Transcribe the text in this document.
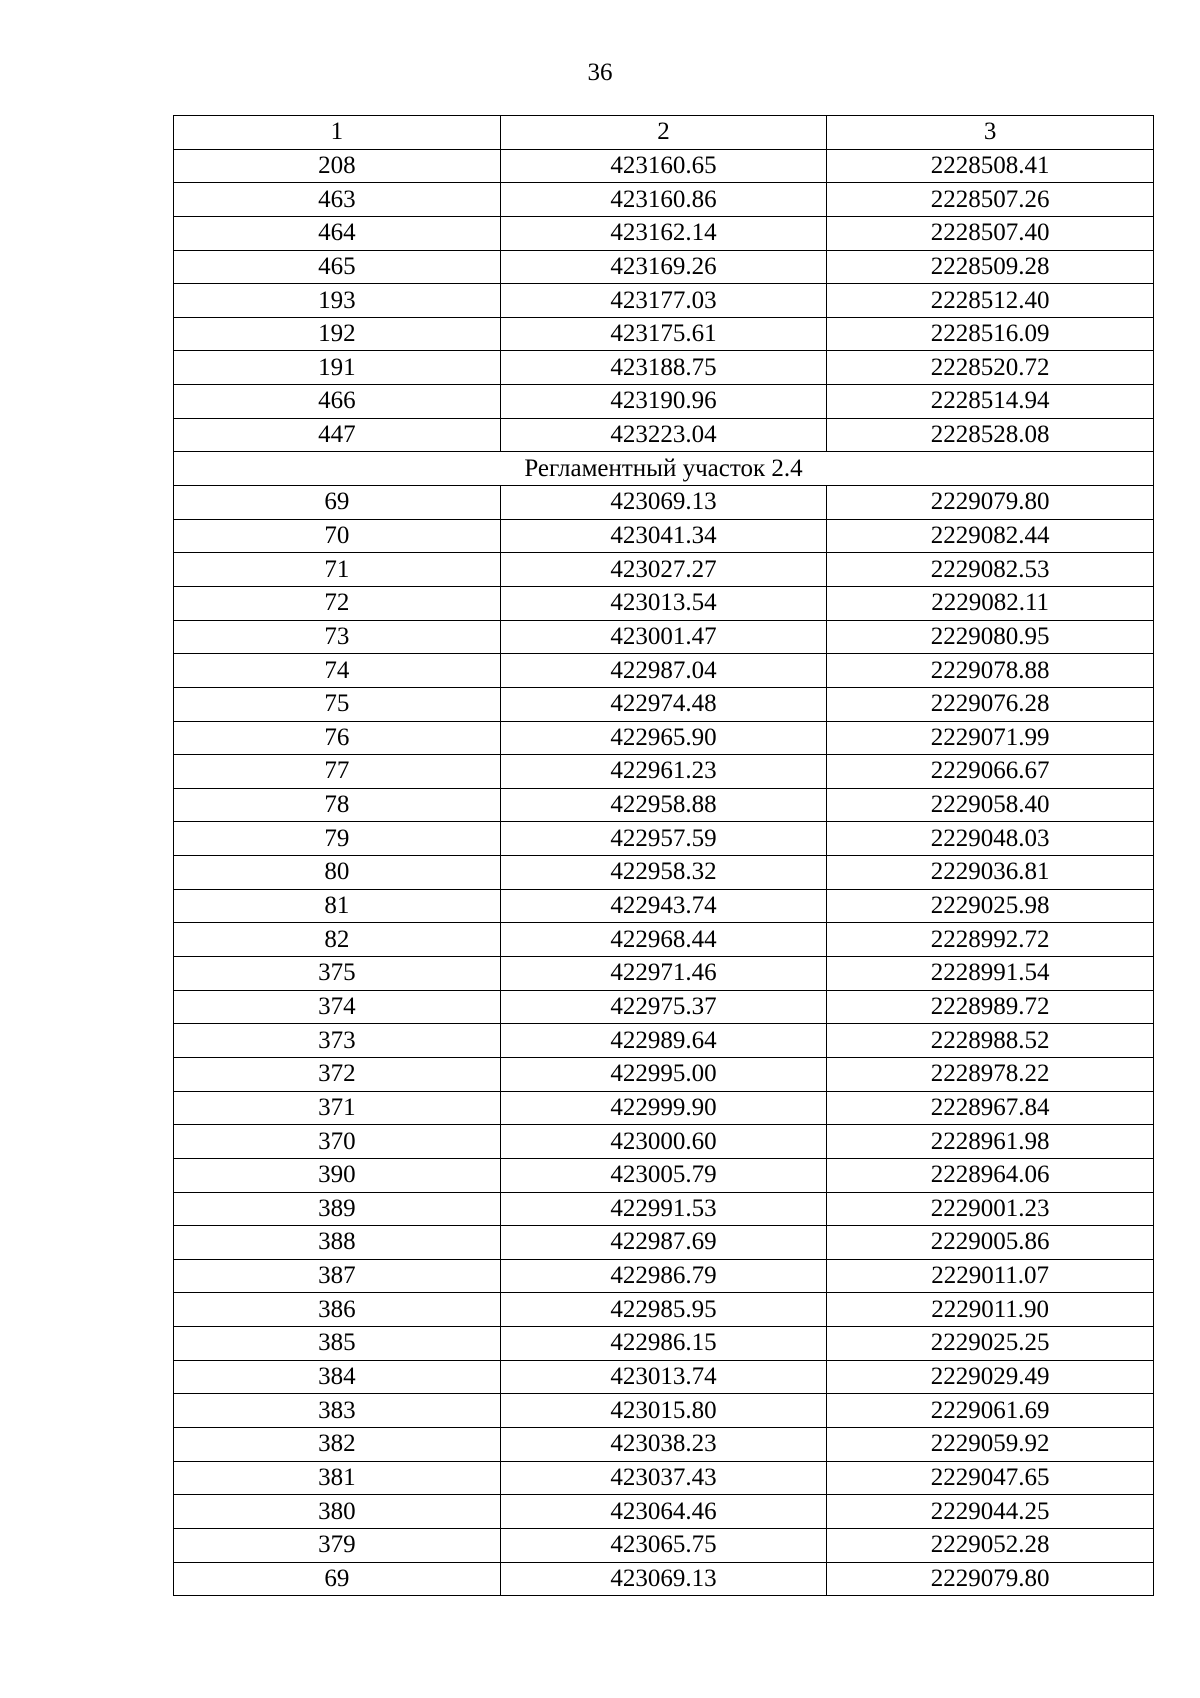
36
1	2	3
208	423160.65	2228508.41
463	423160.86	2228507.26
464	423162.14	2228507.40
465	423169.26	2228509.28
193	423177.03	2228512.40
192	423175.61	2228516.09
191	423188.75	2228520.72
466	423190.96	2228514.94
447	423223.04	2228528.08
Регламентный участок 2.4		
69	423069.13	2229079.80
70	423041.34	2229082.44
71	423027.27	2229082.53
72	423013.54	2229082.11
73	423001.47	2229080.95
74	422987.04	2229078.88
75	422974.48	2229076.28
76	422965.90	2229071.99
77	422961.23	2229066.67
78	422958.88	2229058.40
79	422957.59	2229048.03
80	422958.32	2229036.81
81	422943.74	2229025.98
82	422968.44	2228992.72
375	422971.46	2228991.54
374	422975.37	2228989.72
373	422989.64	2228988.52
372	422995.00	2228978.22
371	422999.90	2228967.84
370	423000.60	2228961.98
390	423005.79	2228964.06
389	422991.53	2229001.23
388	422987.69	2229005.86
387	422986.79	2229011.07
386	422985.95	2229011.90
385	422986.15	2229025.25
384	423013.74	2229029.49
383	423015.80	2229061.69
382	423038.23	2229059.92
381	423037.43	2229047.65
380	423064.46	2229044.25
379	423065.75	2229052.28
69	423069.13	2229079.80
